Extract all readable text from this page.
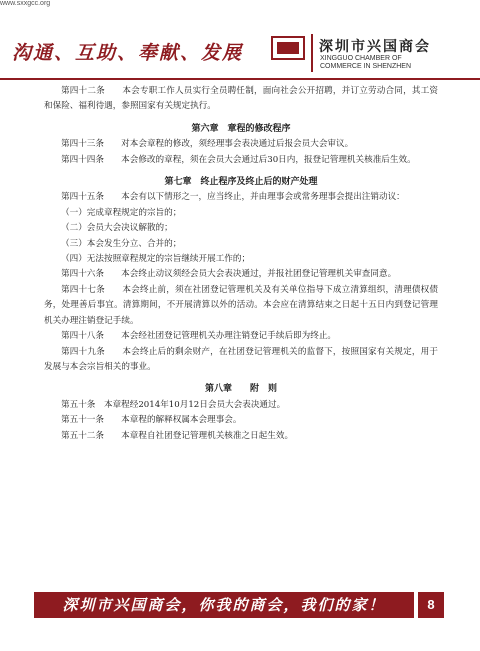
www.sxxgcc.org
沟通、互助、奉献、发展	深圳市兴国商会
XINGGUO CHAMBER OF
COMMERCE IN SHENZHEN

第四十二条　　本会专职工作人员实行全员聘任制，面向社会公开招聘，并订立劳动合同，其工资和保险、福利待遇，参照国家有关规定执行。

第六章　章程的修改程序

第四十三条　　对本会章程的修改，须经理事会表决通过后报会员大会审议。

第四十四条　　本会修改的章程，须在会员大会通过后30日内，报登记管理机关核准后生效。

第七章　终止程序及终止后的财产处理

第四十五条　　本会有以下情形之一，应当终止，并由理事会或常务理事会提出注销动议：

（一）完成章程规定的宗旨的；

（二）会员大会决议解散的；

（三）本会发生分立、合并的；

（四）无法按照章程规定的宗旨继续开展工作的；

第四十六条　　本会终止动议须经会员大会表决通过，并报社团登记管理机关审查同意。

第四十七条　　本会终止前，须在社团登记管理机关及有关单位指导下成立清算组织，清理债权债务，处理善后事宜。清算期间，不开展清算以外的活动。本会应在清算结束之日起十五日内到登记管理机关办理注销登记手续。

第四十八条　　本会经社团登记管理机关办理注销登记手续后即为终止。

第四十九条　　本会终止后的剩余财产，在社团登记管理机关的监督下，按照国家有关规定，用于发展与本会宗旨相关的事业。

第八章　　附　则

第五十条　本章程经2014年10月12日会员大会表决通过。

第五十一条　　本章程的解释权属本会理事会。

第五十二条　　本章程自社团登记管理机关核准之日起生效。

深圳市兴国商会，你我的商会，我们的家！	8
